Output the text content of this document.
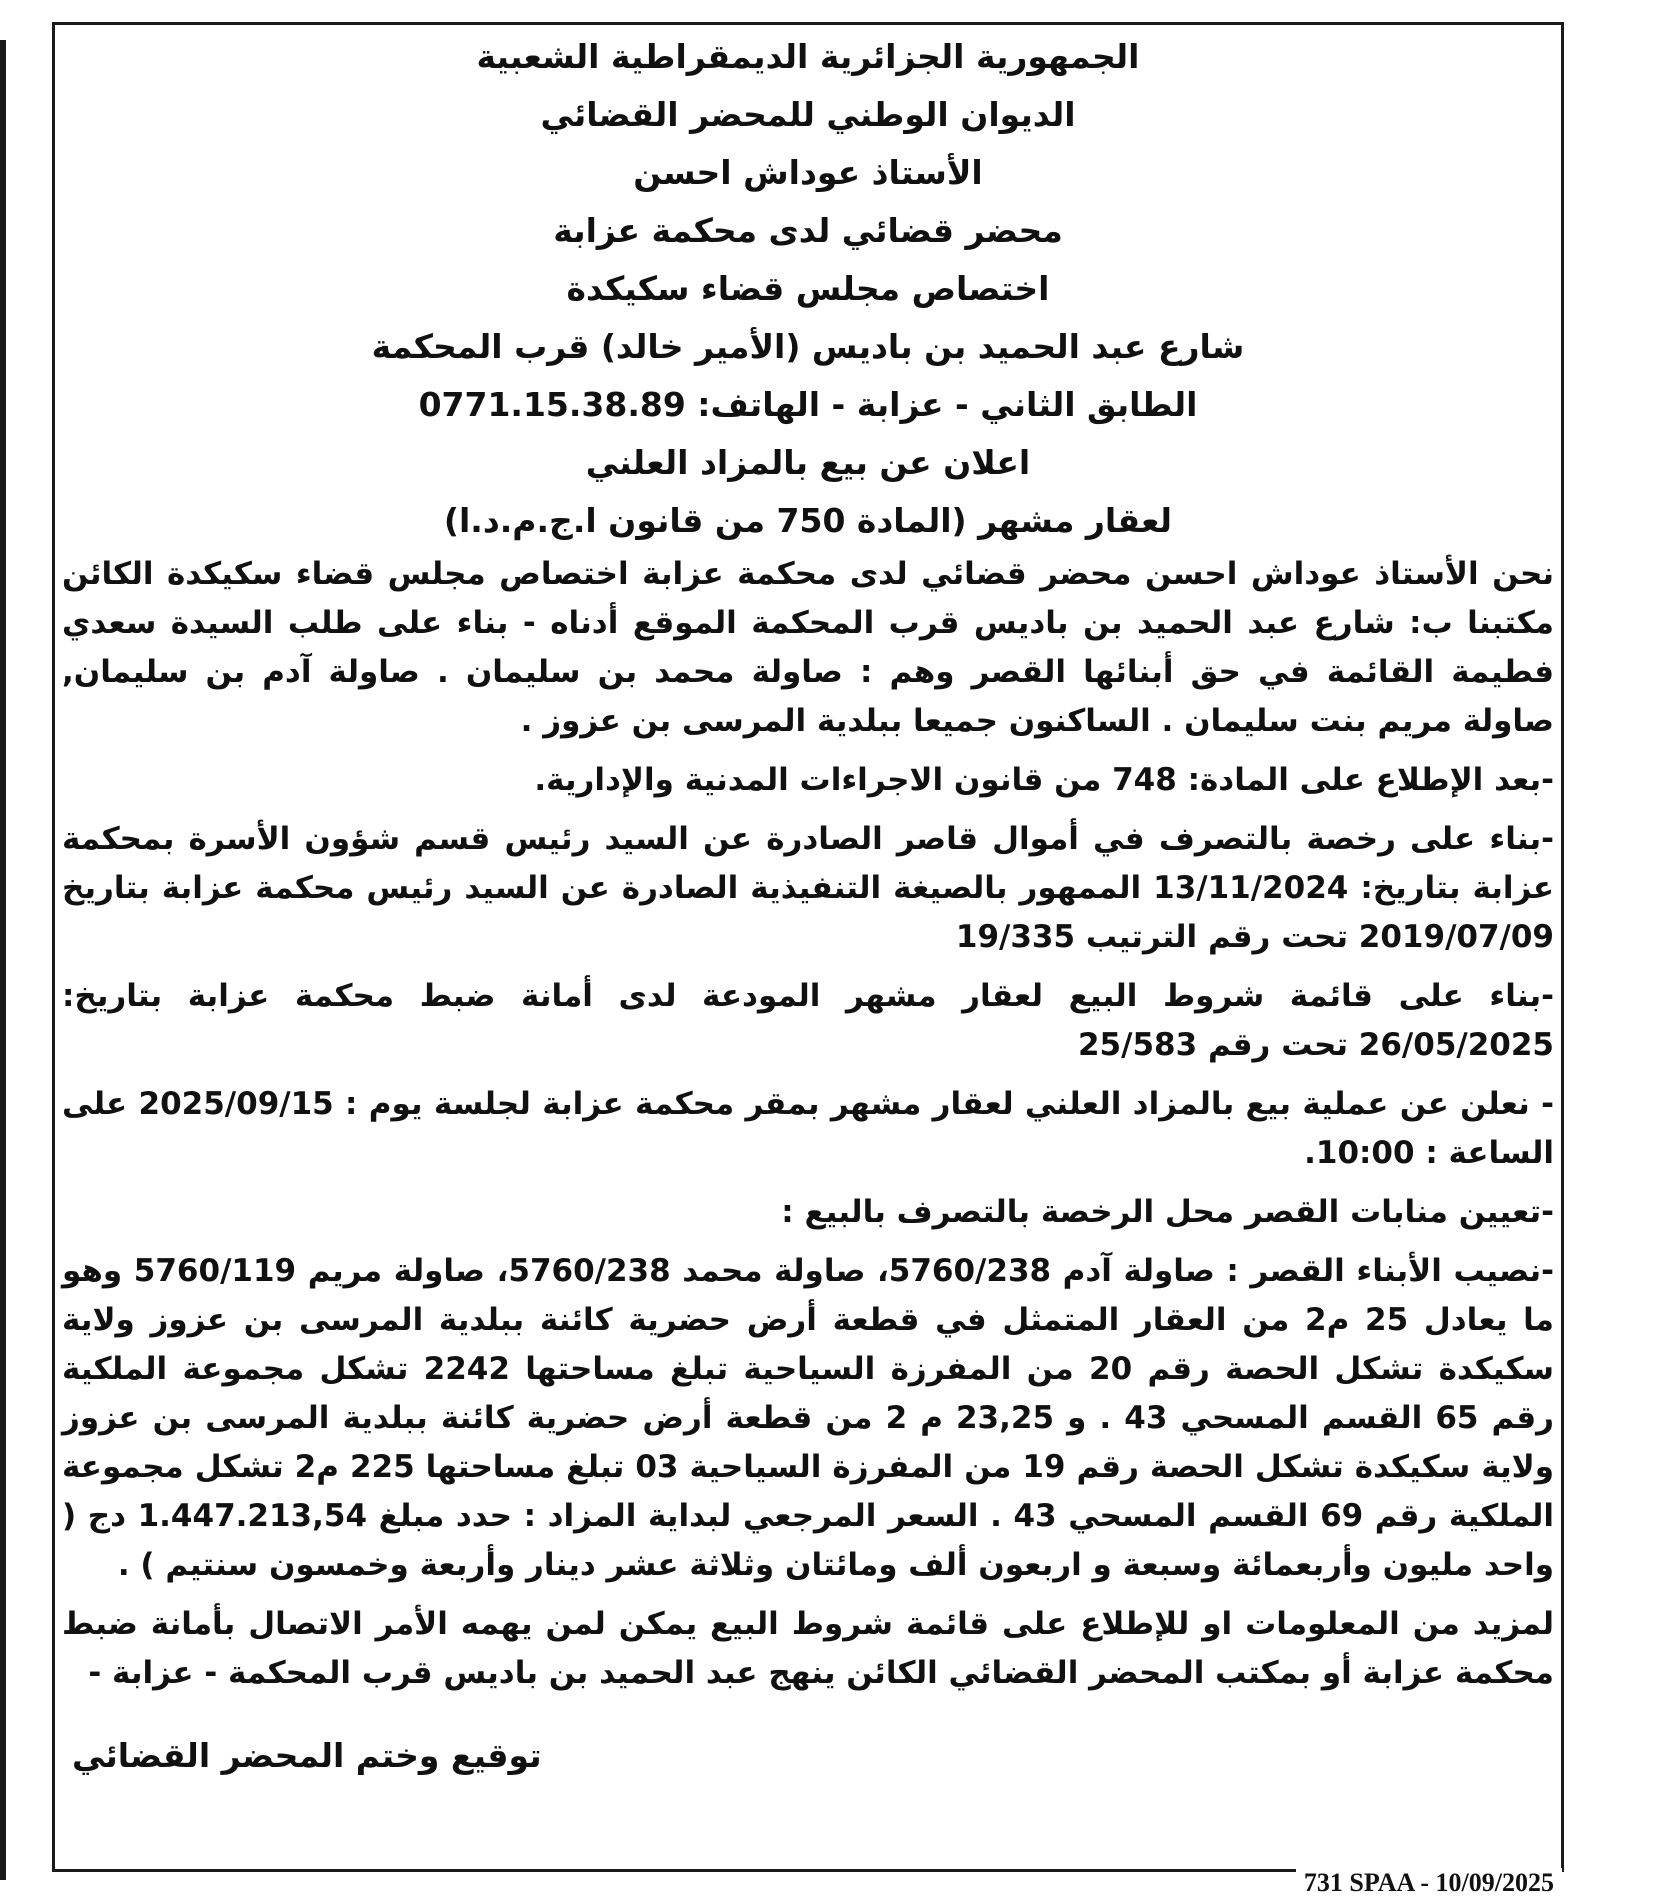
الجمهورية الجزائرية الديمقراطية الشعبية
الديوان الوطني للمحضر القضائي
الأستاذ عوداش احسن
محضر قضائي لدى محكمة عزابة
اختصاص مجلس قضاء سكيكدة
شارع عبد الحميد بن باديس (الأمير خالد) قرب المحكمة
الطابق الثاني - عزابة - الهاتف: 0771.15.38.89
اعلان عن بيع بالمزاد العلني
لعقار مشهر (المادة 750 من قانون ا.ج.م.د.ا)

نحن الأستاذ عوداش احسن محضر قضائي لدى محكمة عزابة اختصاص مجلس قضاء سكيكدة الكائن مكتبنا ب: شارع عبد الحميد بن باديس قرب المحكمة الموقع أدناه - بناء على طلب السيدة سعدي فطيمة القائمة في حق أبنائها القصر وهم : صاولة محمد بن سليمان . صاولة آدم بن سليمان, صاولة مريم بنت سليمان . الساكنون جميعا ببلدية المرسى بن عزوز .

-بعد الإطلاع على المادة: 748 من قانون الاجراءات المدنية والإدارية.

-بناء على رخصة بالتصرف في أموال قاصر الصادرة عن السيد رئيس قسم شؤون الأسرة بمحكمة عزابة بتاريخ: 13/11/2024 الممهور بالصيغة التنفيذية الصادرة عن السيد رئيس محكمة عزابة بتاريخ 2019/07/09 تحت رقم الترتيب 19/335

-بناء على قائمة شروط البيع لعقار مشهر المودعة لدى أمانة ضبط محكمة عزابة بتاريخ: 26/05/2025 تحت رقم 25/583

- نعلن عن عملية بيع بالمزاد العلني لعقار مشهر بمقر محكمة عزابة لجلسة يوم : 2025/09/15 على الساعة : 10:00.

-تعيين منابات القصر محل الرخصة بالتصرف بالبيع :

-نصيب الأبناء القصر : صاولة آدم 5760/238، صاولة محمد 5760/238، صاولة مريم 5760/119 وهو ما يعادل 25 م2 من العقار المتمثل في قطعة أرض حضرية كائنة ببلدية المرسى بن عزوز ولاية سكيكدة تشكل الحصة رقم 20 من المفرزة السياحية تبلغ مساحتها 2242 تشكل مجموعة الملكية رقم 65 القسم المسحي 43 . و 23,25 م 2 من قطعة أرض حضرية كائنة ببلدية المرسى بن عزوز ولاية سكيكدة تشكل الحصة رقم 19 من المفرزة السياحية 03 تبلغ مساحتها 225 م2 تشكل مجموعة الملكية رقم 69 القسم المسحي 43 . السعر المرجعي لبداية المزاد : حدد مبلغ 1.447.213,54 دج ( واحد مليون وأربعمائة وسبعة و اربعون ألف ومائتان وثلاثة عشر دينار وأربعة وخمسون سنتيم ) .

لمزيد من المعلومات او للإطلاع على قائمة شروط البيع يمكن لمن يهمه الأمر الاتصال بأمانة ضبط محكمة عزابة أو بمكتب المحضر القضائي الكائن ينهج عبد الحميد بن باديس قرب المحكمة - عزابة -

توقيع وختم المحضر القضائي
731 SPAA - 10/09/2025
